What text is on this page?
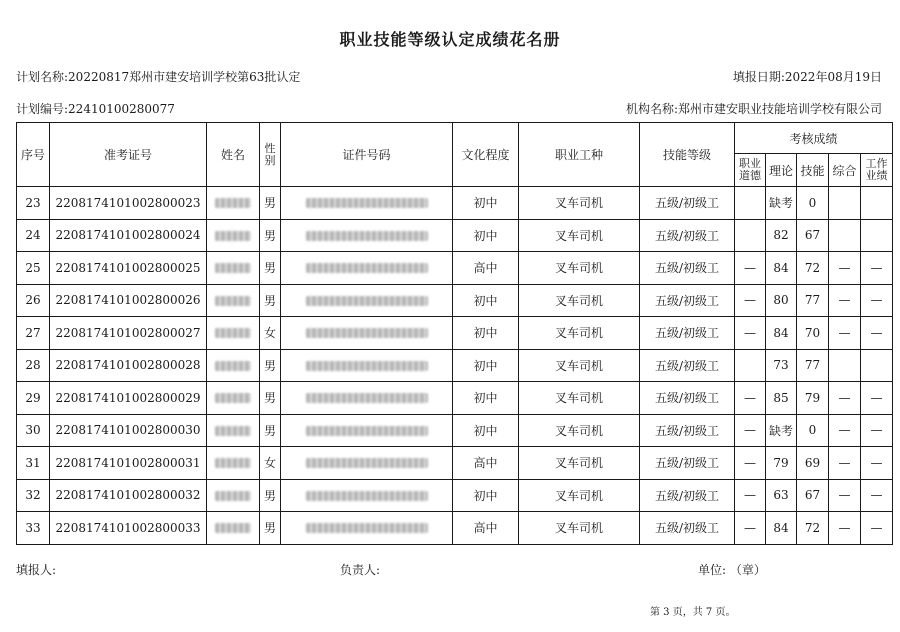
职业技能等级认定成绩花名册
计划名称:20220817郑州市建安培训学校第63批认定	填报日期:2022年08月19日
计划编号:22410100280077	机构名称:郑州市建安职业技能培训学校有限公司
序号	准考证号	姓名	性别	证件号码	文化程度	职业工种	技能等级	考核成绩				
								职业道德	理论	技能	综合	工作业绩
23	220817410100280002​3		男		初中	叉车司机	五级/初级工		缺考	0		
24	2208174101002800024		男		初中	叉车司机	五级/初级工		82	67		
25	2208174101002800025		男		高中	叉车司机	五级/初级工	—	84	72	—	—
26	2208174101002800026		男		初中	叉车司机	五级/初级工	—	80	77	—	—
27	2208174101002800027		女		初中	叉车司机	五级/初级工	—	84	70	—	—
28	2208174101002800028		男		初中	叉车司机	五级/初级工		73	77		
29	2208174101002800029		男		初中	叉车司机	五级/初级工	—	85	79	—	—
30	2208174101002800030		男		初中	叉车司机	五级/初级工	—	缺考	0	—	—
31	2208174101002800031		女		高中	叉车司机	五级/初级工	—	79	69	—	—
32	2208174101002800032		男		初中	叉车司机	五级/初级工	—	63	67	—	—
33	2208174101002800033		男		高中	叉车司机	五级/初级工	—	84	72	—	—
填报人:	负责人:	单位: （章）
第 3 页，共 7 页。
